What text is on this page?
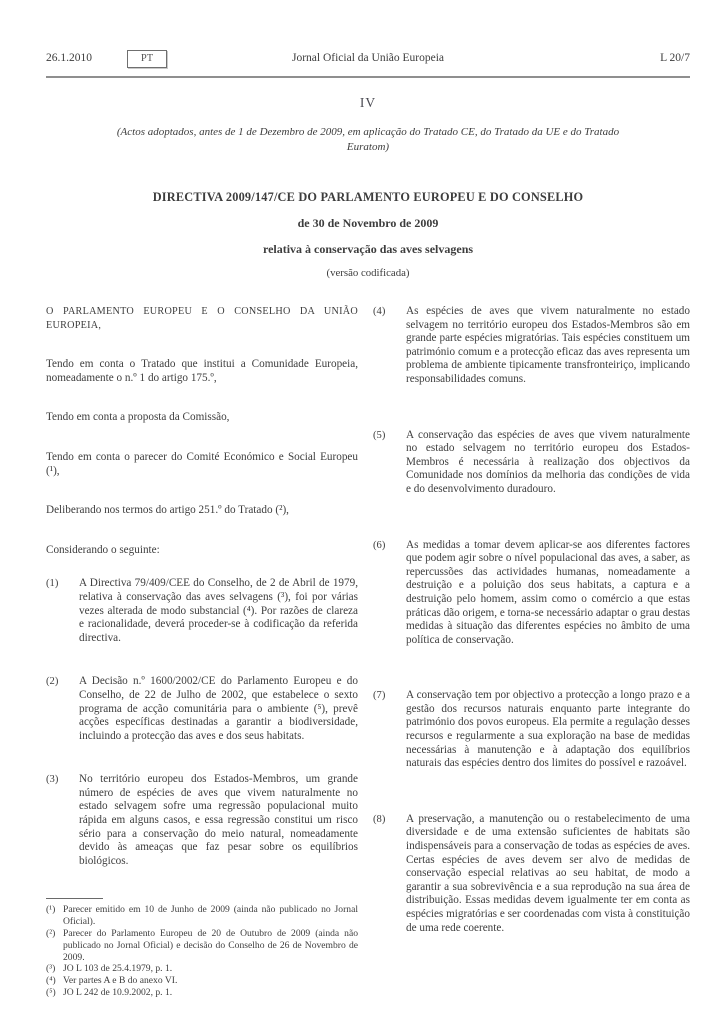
26.1.2010	PT	Jornal Oficial da União Europeia	L 20/7
IV
(Actos adoptados, antes de 1 de Dezembro de 2009, em aplicação do Tratado CE, do Tratado da UE e do Tratado Euratom)
DIRECTIVA 2009/147/CE DO PARLAMENTO EUROPEU E DO CONSELHO
de 30 de Novembro de 2009
relativa à conservação das aves selvagens
(versão codificada)

O PARLAMENTO EUROPEU E O CONSELHO DA UNIÃO EUROPEIA,

Tendo em conta o Tratado que institui a Comunidade Europeia, nomeadamente o n.º 1 do artigo 175.º,

Tendo em conta a proposta da Comissão,

Tendo em conta o parecer do Comité Económico e Social Europeu (¹),

Deliberando nos termos do artigo 251.º do Tratado (²),

Considerando o seguinte:

(1)	A Directiva 79/409/CEE do Conselho, de 2 de Abril de 1979, relativa à conservação das aves selvagens (³), foi por várias vezes alterada de modo substancial (⁴). Por razões de clareza e racionalidade, deverá proceder-se à codificação da referida directiva.
(2)	A Decisão n.º 1600/2002/CE do Parlamento Europeu e do Conselho, de 22 de Julho de 2002, que estabelece o sexto programa de acção comunitária para o ambiente (⁵), prevê acções específicas destinadas a garantir a biodiversidade, incluindo a protecção das aves e dos seus habitats.
(3)	No território europeu dos Estados-Membros, um grande número de espécies de aves que vivem naturalmente no estado selvagem sofre uma regressão populacional muito rápida em alguns casos, e essa regressão constitui um risco sério para a conservação do meio natural, nomeadamente devido às ameaças que faz pesar sobre os equilíbrios biológicos.
(¹) Parecer emitido em 10 de Junho de 2009 (ainda não publicado no Jornal Oficial).
(²) Parecer do Parlamento Europeu de 20 de Outubro de 2009 (ainda não publicado no Jornal Oficial) e decisão do Conselho de 26 de Novembro de 2009.
(³) JO L 103 de 25.4.1979, p. 1.
(⁴) Ver partes A e B do anexo VI.
(⁵) JO L 242 de 10.9.2002, p. 1.
(4)	As espécies de aves que vivem naturalmente no estado selvagem no território europeu dos Estados-Membros são em grande parte espécies migratórias. Tais espécies constituem um património comum e a protecção eficaz das aves representa um problema de ambiente tipicamente transfronteiriço, implicando responsabilidades comuns.
(5)	A conservação das espécies de aves que vivem naturalmente no estado selvagem no território europeu dos Estados-Membros é necessária à realização dos objectivos da Comunidade nos domínios da melhoria das condições de vida e do desenvolvimento duradouro.
(6)	As medidas a tomar devem aplicar-se aos diferentes factores que podem agir sobre o nível populacional das aves, a saber, as repercussões das actividades humanas, nomeadamente a destruição e a poluição dos seus habitats, a captura e a destruição pelo homem, assim como o comércio a que estas práticas dão origem, e torna-se necessário adaptar o grau destas medidas à situação das diferentes espécies no âmbito de uma política de conservação.
(7)	A conservação tem por objectivo a protecção a longo prazo e a gestão dos recursos naturais enquanto parte integrante do património dos povos europeus. Ela permite a regulação desses recursos e regularmente a sua exploração na base de medidas necessárias à manutenção e à adaptação dos equilíbrios naturais das espécies dentro dos limites do possível e razoável.
(8)	A preservação, a manutenção ou o restabelecimento de uma diversidade e de uma extensão suficientes de habitats são indispensáveis para a conservação de todas as espécies de aves. Certas espécies de aves devem ser alvo de medidas de conservação especial relativas ao seu habitat, de modo a garantir a sua sobrevivência e a sua reprodução na sua área de distribuição. Essas medidas devem igualmente ter em conta as espécies migratórias e ser coordenadas com vista à constituição de uma rede coerente.
